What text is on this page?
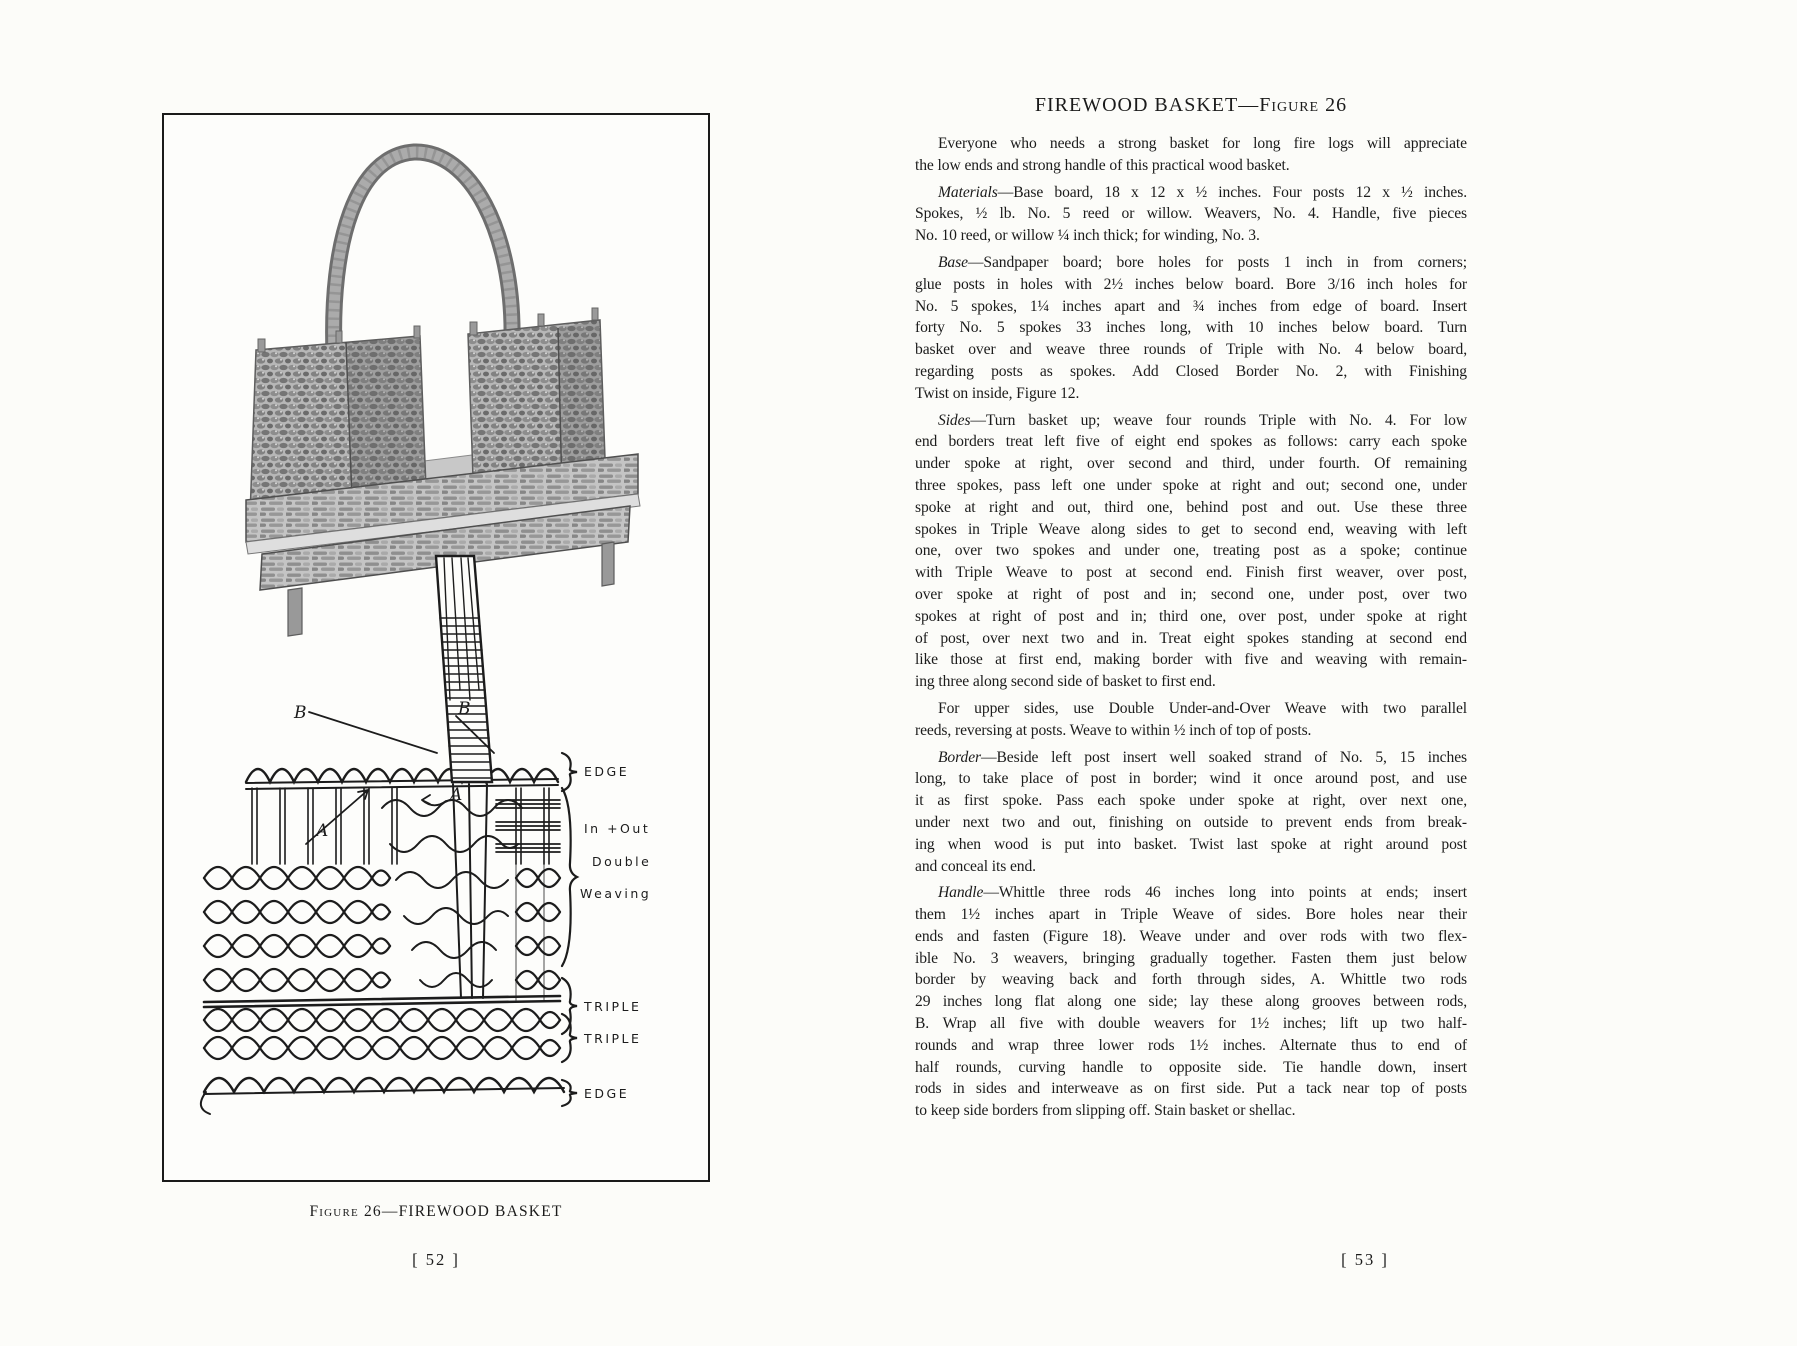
B	B
A
A
EDGE
In +Out
Double
Weaving
TRIPLE
TRIPLE
EDGE
Figure 26—FIREWOOD BASKET
[ 52 ]
FIREWOOD BASKET—Figure 26
Everyone who needs a strong basket for long fire logs will appreciate
the low ends and strong handle of this practical wood basket.
Materials—Base board, 18 x 12 x ½ inches. Four posts 12 x ½ inches.
Spokes, ½ lb. No. 5 reed or willow. Weavers, No. 4. Handle, five pieces
No. 10 reed, or willow ¼ inch thick; for winding, No. 3.
Base—Sandpaper board; bore holes for posts 1 inch in from corners;
glue posts in holes with 2½ inches below board. Bore 3/16 inch holes for
No. 5 spokes, 1¼ inches apart and ¾ inches from edge of board. Insert
forty No. 5 spokes 33 inches long, with 10 inches below board. Turn
basket over and weave three rounds of Triple with No. 4 below board,
regarding posts as spokes. Add Closed Border No. 2, with Finishing
Twist on inside, Figure 12.
Sides—Turn basket up; weave four rounds Triple with No. 4. For low
end borders treat left five of eight end spokes as follows: carry each spoke
under spoke at right, over second and third, under fourth. Of remaining
three spokes, pass left one under spoke at right and out; second one, under
spoke at right and out, third one, behind post and out. Use these three
spokes in Triple Weave along sides to get to second end, weaving with left
one, over two spokes and under one, treating post as a spoke; continue
with Triple Weave to post at second end. Finish first weaver, over post,
over spoke at right of post and in; second one, under post, over two
spokes at right of post and in; third one, over post, under spoke at right
of post, over next two and in. Treat eight spokes standing at second end
like those at first end, making border with five and weaving with remain-
ing three along second side of basket to first end.
For upper sides, use Double Under-and-Over Weave with two parallel
reeds, reversing at posts. Weave to within ½ inch of top of posts.
Border—Beside left post insert well soaked strand of No. 5, 15 inches
long, to take place of post in border; wind it once around post, and use
it as first spoke. Pass each spoke under spoke at right, over next one,
under next two and out, finishing on outside to prevent ends from break-
ing when wood is put into basket. Twist last spoke at right around post
and conceal its end.
Handle—Whittle three rods 46 inches long into points at ends; insert
them 1½ inches apart in Triple Weave of sides. Bore holes near their
ends and fasten (Figure 18). Weave under and over rods with two flex-
ible No. 3 weavers, bringing gradually together. Fasten them just below
border by weaving back and forth through sides, A. Whittle two rods
29 inches long flat along one side; lay these along grooves between rods,
B. Wrap all five with double weavers for 1½ inches; lift up two half-
rounds and wrap three lower rods 1½ inches. Alternate thus to end of
half rounds, curving handle to opposite side. Tie handle down, insert
rods in sides and interweave as on first side. Put a tack near top of posts
to keep side borders from slipping off. Stain basket or shellac.
[ 53 ]
